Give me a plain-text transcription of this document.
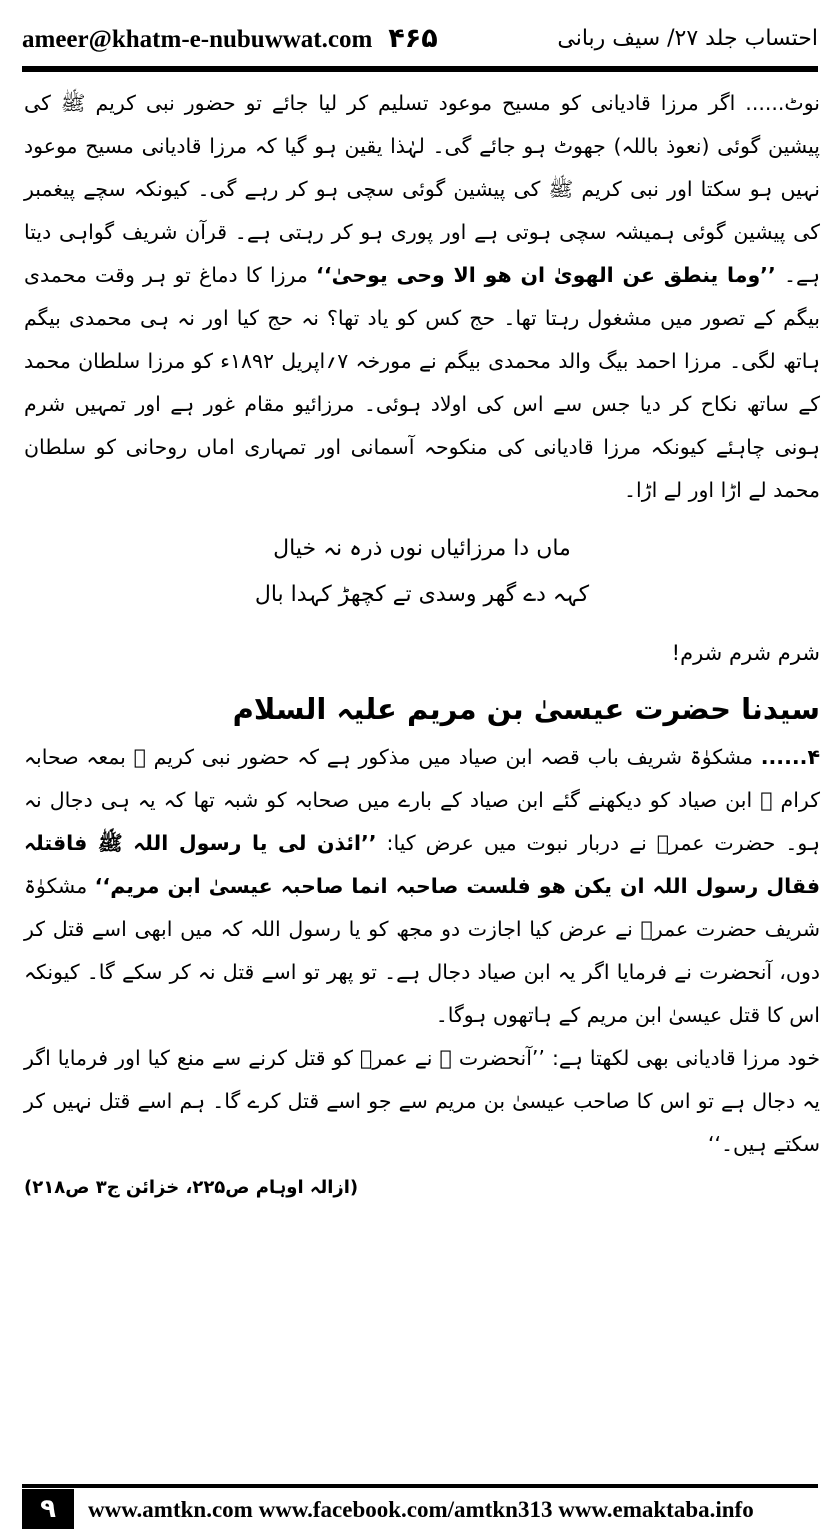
ameer@khatm-e-nubuwwat.com ۴۶۵	احتساب جلد ۲۷/ سیف ربانی

نوٹ...... اگر مرزا قادیانی کو مسیح موعود تسلیم کر لیا جائے تو حضور نبی کریم ﷺ کی پیشین گوئی (نعوذ باللہ) جھوٹ ہو جائے گی۔ لہٰذا یقین ہو گیا کہ مرزا قادیانی مسیح موعود نہیں ہو سکتا اور نبی کریم ﷺ کی پیشین گوئی سچی ہو کر رہے گی۔ کیونکہ سچے پیغمبر کی پیشین گوئی ہمیشہ سچی ہوتی ہے اور پوری ہو کر رہتی ہے۔ قرآن شریف گواہی دیتا ہے۔ ’’وما ینطق عن الھویٰ ان ھو الا وحی یوحیٰ‘‘ مرزا کا دماغ تو ہر وقت محمدی بیگم کے تصور میں مشغول رہتا تھا۔ حج کس کو یاد تھا؟ نہ حج کیا اور نہ ہی محمدی بیگم ہاتھ لگی۔ مرزا احمد بیگ والد محمدی بیگم نے مورخہ ۷؍اپریل ۱۸۹۲ء کو مرزا سلطان محمد کے ساتھ نکاح کر دیا جس سے اس کی اولاد ہوئی۔ مرزائیو مقام غور ہے اور تمہیں شرم ہونی چاہئے کیونکہ مرزا قادیانی کی منکوحہ آسمانی اور تمہاری اماں روحانی کو سلطان محمد لے اڑا اور لے اڑا۔

ماں دا مرزائیاں نوں ذرہ نہ خیال
کہہ دے گھر وسدی تے کچھڑ کہدا بال

شرم شرم شرم!

سیدنا حضرت عیسیٰ بن مریم علیہ السلام

۴...... مشکوٰۃ شریف باب قصہ ابن صیاد میں مذکور ہے کہ حضور نبی کریم ﷺ بمعہ صحابہ کرام ﷺ ابن صیاد کو دیکھنے گئے ابن صیاد کے بارے میں صحابہ کو شبہ تھا کہ یہ ہی دجال نہ ہو۔ حضرت عمرؓ نے دربار نبوت میں عرض کیا: ’’ائذن لی یا رسول اللہ ﷺ فاقتلہ فقال رسول اللہ ان یکن ھو فلست صاحبہ انما صاحبہ عیسیٰ ابن مریم‘‘ مشکوٰۃ شریف حضرت عمرؓ نے عرض کیا اجازت دو مجھ کو یا رسول اللہ کہ میں ابھی اسے قتل کر دوں، آنحضرت نے فرمایا اگر یہ ابن صیاد دجال ہے۔ تو پھر تو اسے قتل نہ کر سکے گا۔ کیونکہ اس کا قتل عیسیٰ ابن مریم کے ہاتھوں ہوگا۔

خود مرزا قادیانی بھی لکھتا ہے: ’’آنحضرت ﷺ نے عمرؓ کو قتل کرنے سے منع کیا اور فرمایا اگر یہ دجال ہے تو اس کا صاحب عیسیٰ بن مریم سے جو اسے قتل کرے گا۔ ہم اسے قتل نہیں کر سکتے ہیں۔‘‘

(ازالہ اوہام ص۲۲۵، خزائن ج۳ ص۲۱۸)
۹	www.amtkn.com www.facebook.com/amtkn313 www.emaktaba.info
